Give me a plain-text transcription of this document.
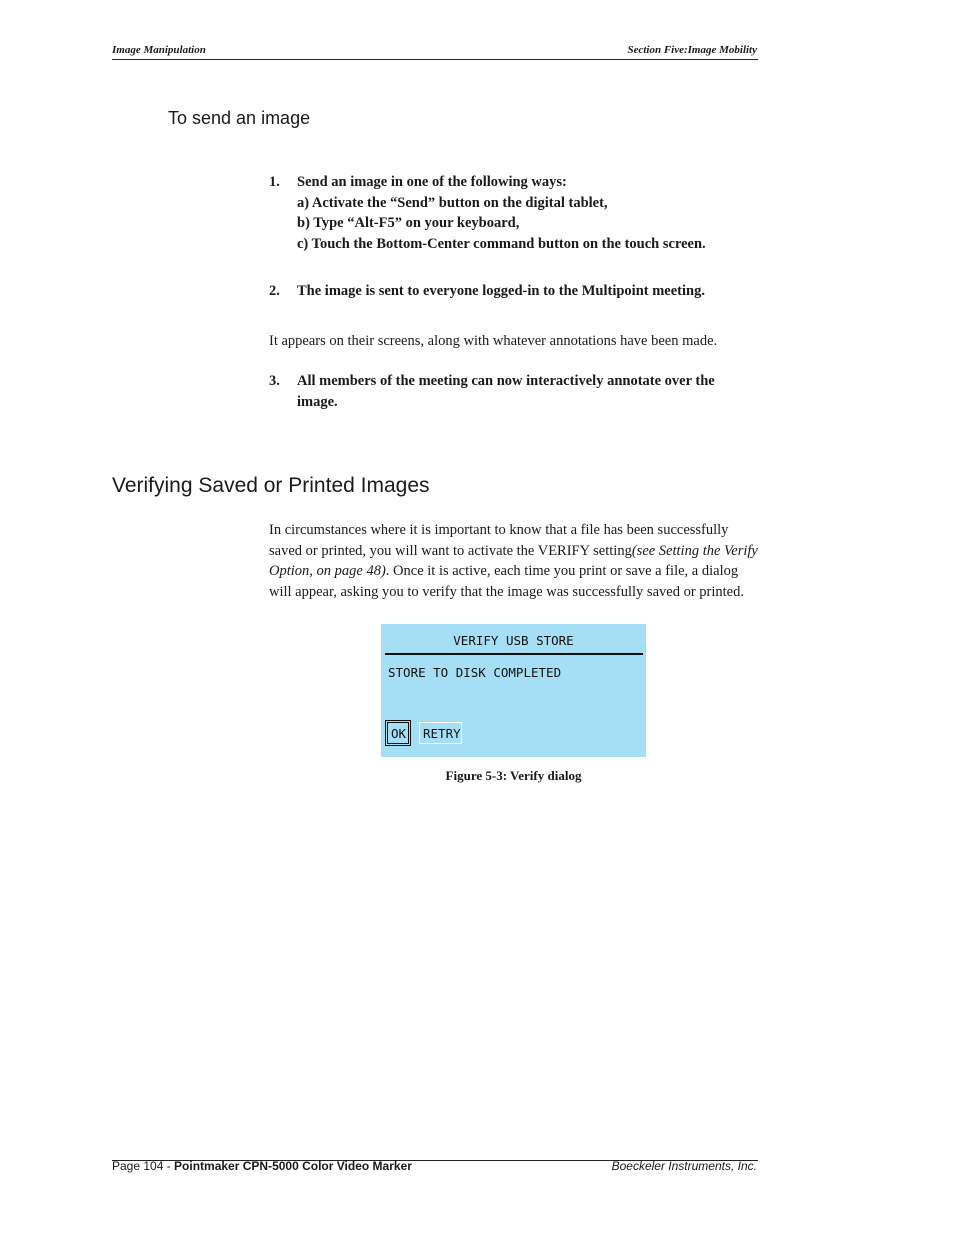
Image Manipulation	Section Five:Image Mobility
To send an image
1. Send an image in one of the following ways:
a) Activate the “Send” button on the digital tablet,
b) Type “Alt-F5” on your keyboard,
c) Touch the Bottom-Center command button on the touch screen.
2. The image is sent to everyone logged-in to the Multipoint meeting.
It appears on their screens, along with whatever annotations have been made.
3. All members of the meeting can now interactively annotate over the image.
Verifying Saved or Printed Images
In circumstances where it is important to know that a file has been successfully saved or printed, you will want to activate the VERIFY setting(see Setting the Verify Option, on page 48). Once it is active, each time you print or save a file, a dialog will appear, asking you to verify that the image was successfully saved or printed.
VERIFY USB STORE
STORE TO DISK COMPLETED
OK	RETRY
Figure 5-3: Verify dialog
Page 104 - Pointmaker CPN-5000 Color Video Marker	Boeckeler Instruments, Inc.
